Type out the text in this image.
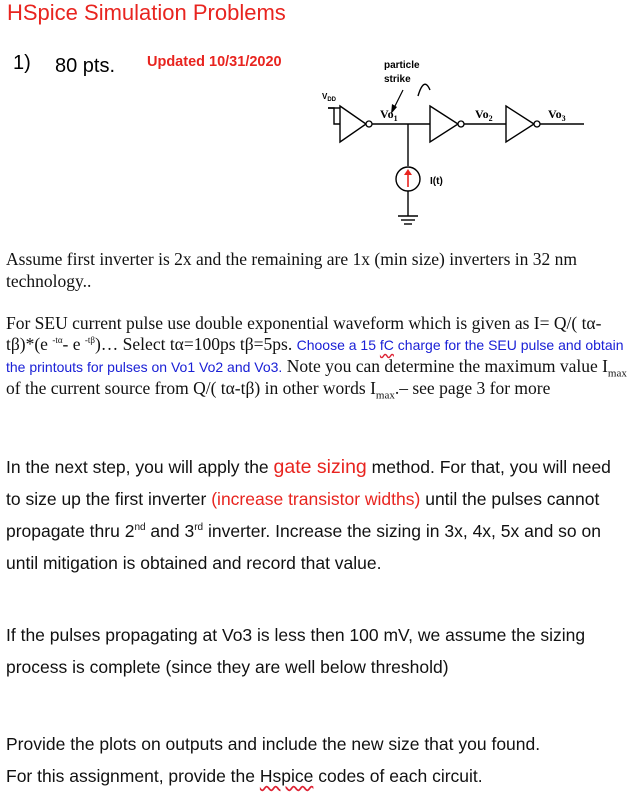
HSpice Simulation Problems
1) 80 pts. Updated 10/31/2020	particle
strike
$V_{DD}$
$Vo_1$	$Vo_2$	$Vo_3$
I(t)
Assume first inverter is 2x and the remaining are 1x (min size) inverters in 32 nm technology..
For SEU current pulse use double exponential waveform which is given as I= Q/( tα-tβ)*(e $^{-t\alpha}$- e $^{-t\beta}$)… Select tα=100ps tβ=5ps. Choose a 15 fC charge for the SEU pulse and obtain the printouts for pulses on Vo1 Vo2 and Vo3. Note you can determine the maximum value $I_{max}$ of the current source from Q/( tα-tβ) in other words $I_{max}.-$ see page 3 for more
In the next step, you will apply the gate sizing method. For that, you will need to size up the first inverter (increase transistor widths) until the pulses cannot propagate thru 2nd and 3rd inverter. Increase the sizing in 3x, 4x, 5x and so on until mitigation is obtained and record that value.
If the pulses propagating at Vo3 is less then 100 mV, we assume the sizing process is complete (since they are well below threshold)
Provide the plots on outputs and include the new size that you found.
For this assignment, provide the Hspice codes of each circuit.
